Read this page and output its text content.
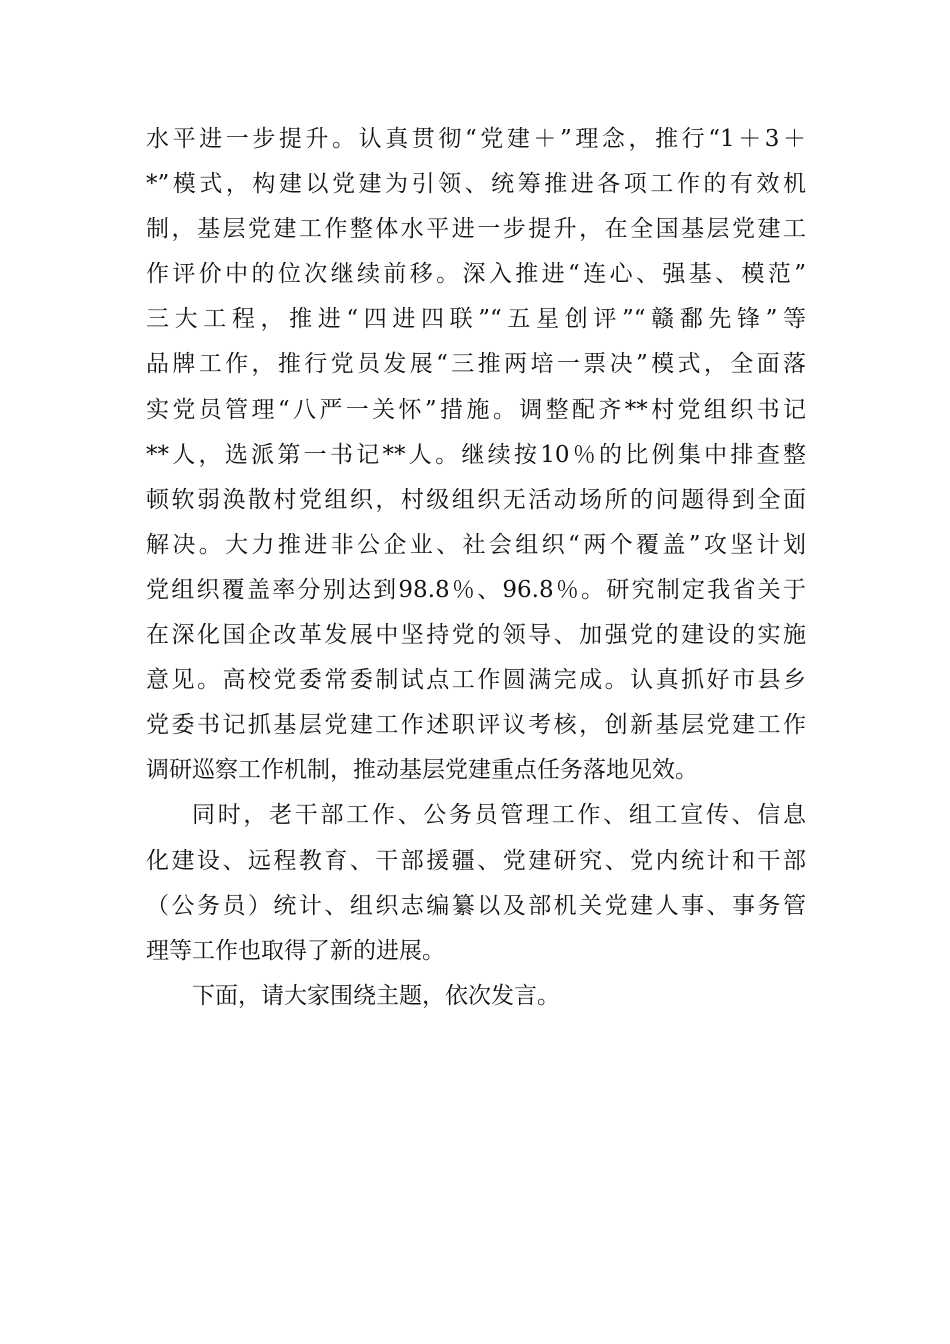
水平进一步提升。认真贯彻“党建＋”理念，推行“1＋3＋
*”模式，构建以党建为引领、统筹推进各项工作的有效机
制，基层党建工作整体水平进一步提升，在全国基层党建工
作评价中的位次继续前移。深入推进“连心、强基、模范”
三大工程，推进“四进四联”“五星创评”“赣鄱先锋”等
品牌工作，推行党员发展“三推两培一票决”模式，全面落
实党员管理“八严一关怀”措施。调整配齐**村党组织书记
**人，选派第一书记**人。继续按10％的比例集中排查整
顿软弱涣散村党组织，村级组织无活动场所的问题得到全面
解决。大力推进非公企业、社会组织“两个覆盖”攻坚计划
党组织覆盖率分别达到98.8％、96.8％。研究制定我省关于
在深化国企改革发展中坚持党的领导、加强党的建设的实施
意见。高校党委常委制试点工作圆满完成。认真抓好市县乡
党委书记抓基层党建工作述职评议考核，创新基层党建工作
调研巡察工作机制，推动基层党建重点任务落地见效。
同时，老干部工作、公务员管理工作、组工宣传、信息
化建设、远程教育、干部援疆、党建研究、党内统计和干部
（公务员）统计、组织志编纂以及部机关党建人事、事务管
理等工作也取得了新的进展。
下面，请大家围绕主题，依次发言。
